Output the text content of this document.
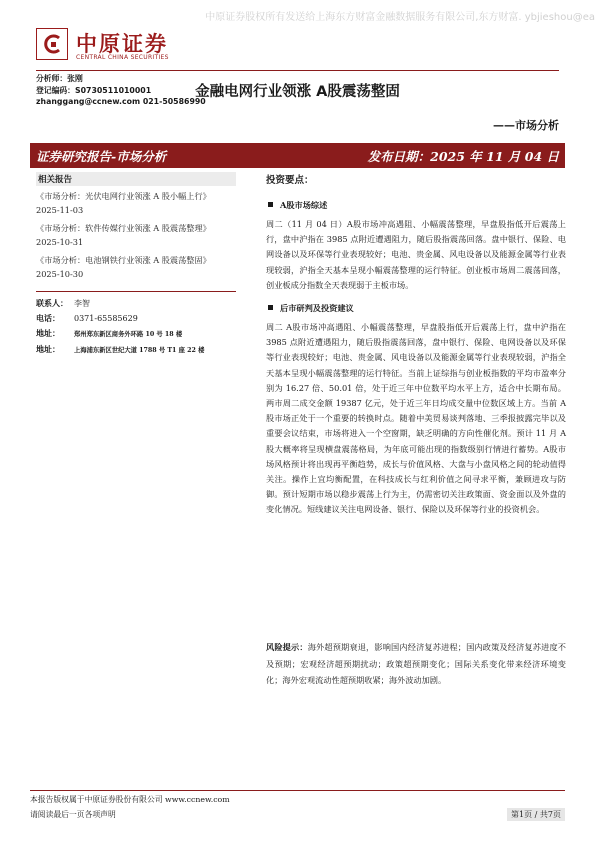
中原证券股权所有发送给上海东方财富金融数据服务有限公司,东方财富. ybjieshou@ea
中原证券
CENTRAL CHINA SECURITIES
分析师：张刚
登记编码：S0730511010001
zhanggang@ccnew.com 021-50586990
金融电网行业领涨 A股震荡整固
——市场分析
证券研究报告-市场分析	发布日期：2025 年 11 月 04 日
相关报告
《市场分析：光伏电网行业领涨 A 股小幅上行》 2025-11-03
《市场分析：软件传媒行业领涨 A 股震荡整理》 2025-10-31
《市场分析：电池钢铁行业领涨 A 股震荡整固》 2025-10-30
联系人： 李智
电话： 0371-65585629
地址： 郑州郑东新区商务外环路 10 号 18 楼
地址： 上海浦东新区世纪大道 1788 号 T1 座 22 楼
投资要点：
A股市场综述

周二（11 月 04 日）A股市场冲高遇阻、小幅震荡整理，早盘股指低开后震荡上行，盘中沪指在 3985 点附近遭遇阻力，随后股指震荡回落。盘中银行、保险、电网设备以及环保等行业表现较好；电池、贵金属、风电设备以及能源金属等行业表现较弱，沪指全天基本呈现小幅震荡整理的运行特征。创业板市场周二震荡回落，创业板成分指数全天表现弱于主板市场。

后市研判及投资建议

周二 A股市场冲高遇阻、小幅震荡整理，早盘股指低开后震荡上行，盘中沪指在 3985 点附近遭遇阻力，随后股指震荡回落，盘中银行、保险、电网设备以及环保等行业表现较好；电池、贵金属、风电设备以及能源金属等行业表现较弱，沪指全天基本呈现小幅震荡整理的运行特征。当前上证综指与创业板指数的平均市盈率分别为 16.27 倍、50.01 倍，处于近三年中位数平均水平上方，适合中长期布局。两市周二成交金额 19387 亿元，处于近三年日均成交量中位数区域上方。当前 A股市场正处于一个重要的转换时点。随着中美贸易谈判落地、三季报披露完毕以及重要会议结束，市场将进入一个空窗期，缺乏明确的方向性催化剂。预计 11 月 A股大概率将呈现横盘震荡格局，为年底可能出现的指数级别行情进行蓄势。A股市场风格预计将出现再平衡趋势，成长与价值风格、大盘与小盘风格之间的轮动值得关注。操作上宜均衡配置，在科技成长与红利价值之间寻求平衡，兼顾进攻与防御。预计短期市场以稳步震荡上行为主，仍需密切关注政策面、资金面以及外盘的变化情况。短线建议关注电网设备、银行、保险以及环保等行业的投资机会。

风险提示：海外超预期衰退，影响国内经济复苏进程；国内政策及经济复苏进度不及预期；宏观经济超预期扰动；政策超预期变化；国际关系变化带来经济环境变化；海外宏观流动性超预期收紧；海外波动加剧。
本报告版权属于中原证券股份有限公司 www.ccnew.com
请阅读最后一页各项声明	第1页 / 共7页
